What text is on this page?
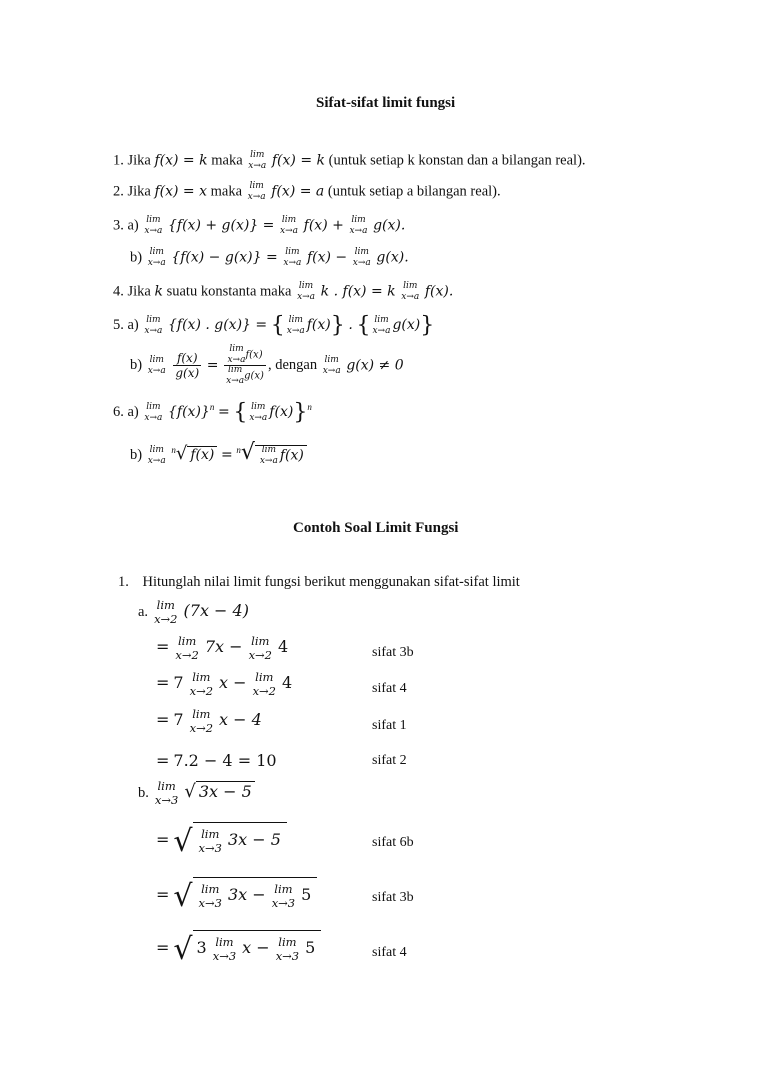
Sifat-sifat limit fungsi
1. Jika f(x) = k maka lim
x→a f(x) = k (untuk setiap k konstan dan a bilangan real).
2. Jika f(x) = x maka lim
x→a f(x) = a (untuk setiap a bilangan real).
3. a) lim
x→a {f(x) + g(x)} = lim
x→a f(x) + lim
x→a g(x).
b) lim
x→a {f(x) − g(x)} = lim
x→a f(x) − lim
x→a g(x).
4. Jika k suatu konstanta maka lim
x→a k . f(x) = k lim
x→a f(x).
5. a) lim
x→a {f(x) . g(x)} = { lim
x→a f(x)} . { lim
x→a g(x)}
b) lim
x→a
$\frac{f(x)}{g(x)} = \lim$
x→a f(x)
lim
x→a g(x) , dengan lim
x→a g(x) ≠ 0
6. a) lim
x→a $\{f(x)\}^n$ = { lim
x→a f(x)}$^n$
b) lim
x→a
$^n$√ f(x) = $^n$√ lim
x→a f(x)
Contoh Soal Limit Fungsi
1. Hitunglah nilai limit fungsi berikut menggunakan sifat-sifat limit
a. lim
x→2 (7x − 4)
= lim
x→2 7x − lim
x→2 4	sifat 3b
= 7 lim
x→2 x − lim
x→2 4	sifat 4
= 7 lim
x→2 x − 4	sifat 1
= 7.2 − 4 = 10	sifat 2
b. lim
x→3 √ 3x − 5
= √ lim
x→3 3x − 5	sifat 6b
= √ lim
x→3 3x − lim
x→3 5	sifat 3b
= √ 3 lim
x→3 x − lim
x→3 5	sifat 4
